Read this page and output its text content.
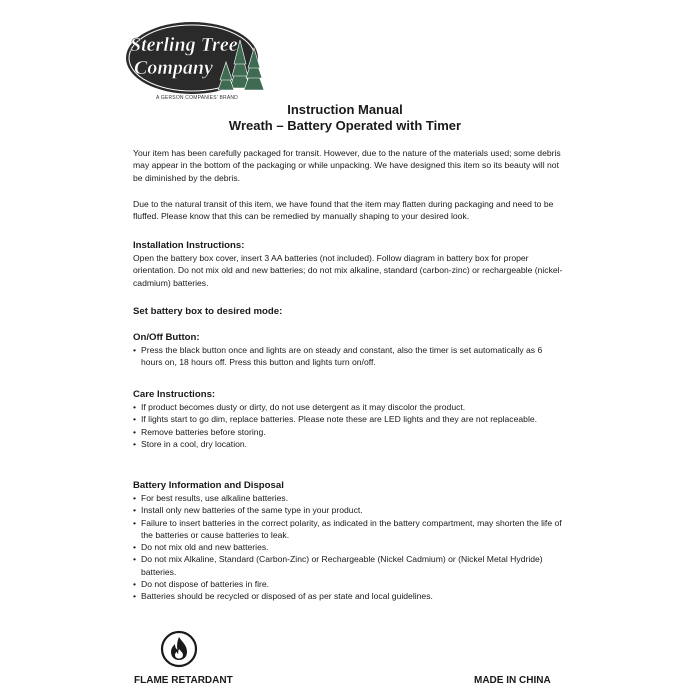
Sterling Tree ®
Company
A GERSON COMPANIES' BRAND
Instruction Manual
Wreath – Battery Operated with Timer

Your item has been carefully packaged for transit. However, due to the nature of the materials used; some debris may appear in the bottom of the packaging or while unpacking. We have designed this item so its beauty will not be diminished by the debris.

Due to the natural transit of this item, we have found that the item may flatten during packaging and need to be fluffed. Please know that this can be remedied by manually shaping to your desired look.

Installation Instructions:

Open the battery box cover, insert 3 AA batteries (not included). Follow diagram in battery box for proper orientation. Do not mix old and new batteries; do not mix alkaline, standard (carbon-zinc) or rechargeable (nickel-cadmium) batteries.

Set battery box to desired mode:

On/Off Button:

• Press the black button once and lights are on steady and constant, also the timer is set automatically as 6 hours on, 18 hours off. Press this button and lights turn on/off.

Care Instructions:

• If product becomes dusty or dirty, do not use detergent as it may discolor the product.
• If lights start to go dim, replace batteries. Please note these are LED lights and they are not replaceable.
• Remove batteries before storing.
• Store in a cool, dry location.

Battery Information and Disposal

• For best results, use alkaline batteries.
• Install only new batteries of the same type in your product.
• Failure to insert batteries in the correct polarity, as indicated in the battery compartment, may shorten the life of the batteries or cause batteries to leak.
• Do not mix old and new batteries.
• Do not mix Alkaline, Standard (Carbon-Zinc) or Rechargeable (Nickel Cadmium) or (Nickel Metal Hydride) batteries.
• Do not dispose of batteries in fire.
• Batteries should be recycled or disposed of as per state and local guidelines.
FLAME RETARDANT	MADE IN CHINA
